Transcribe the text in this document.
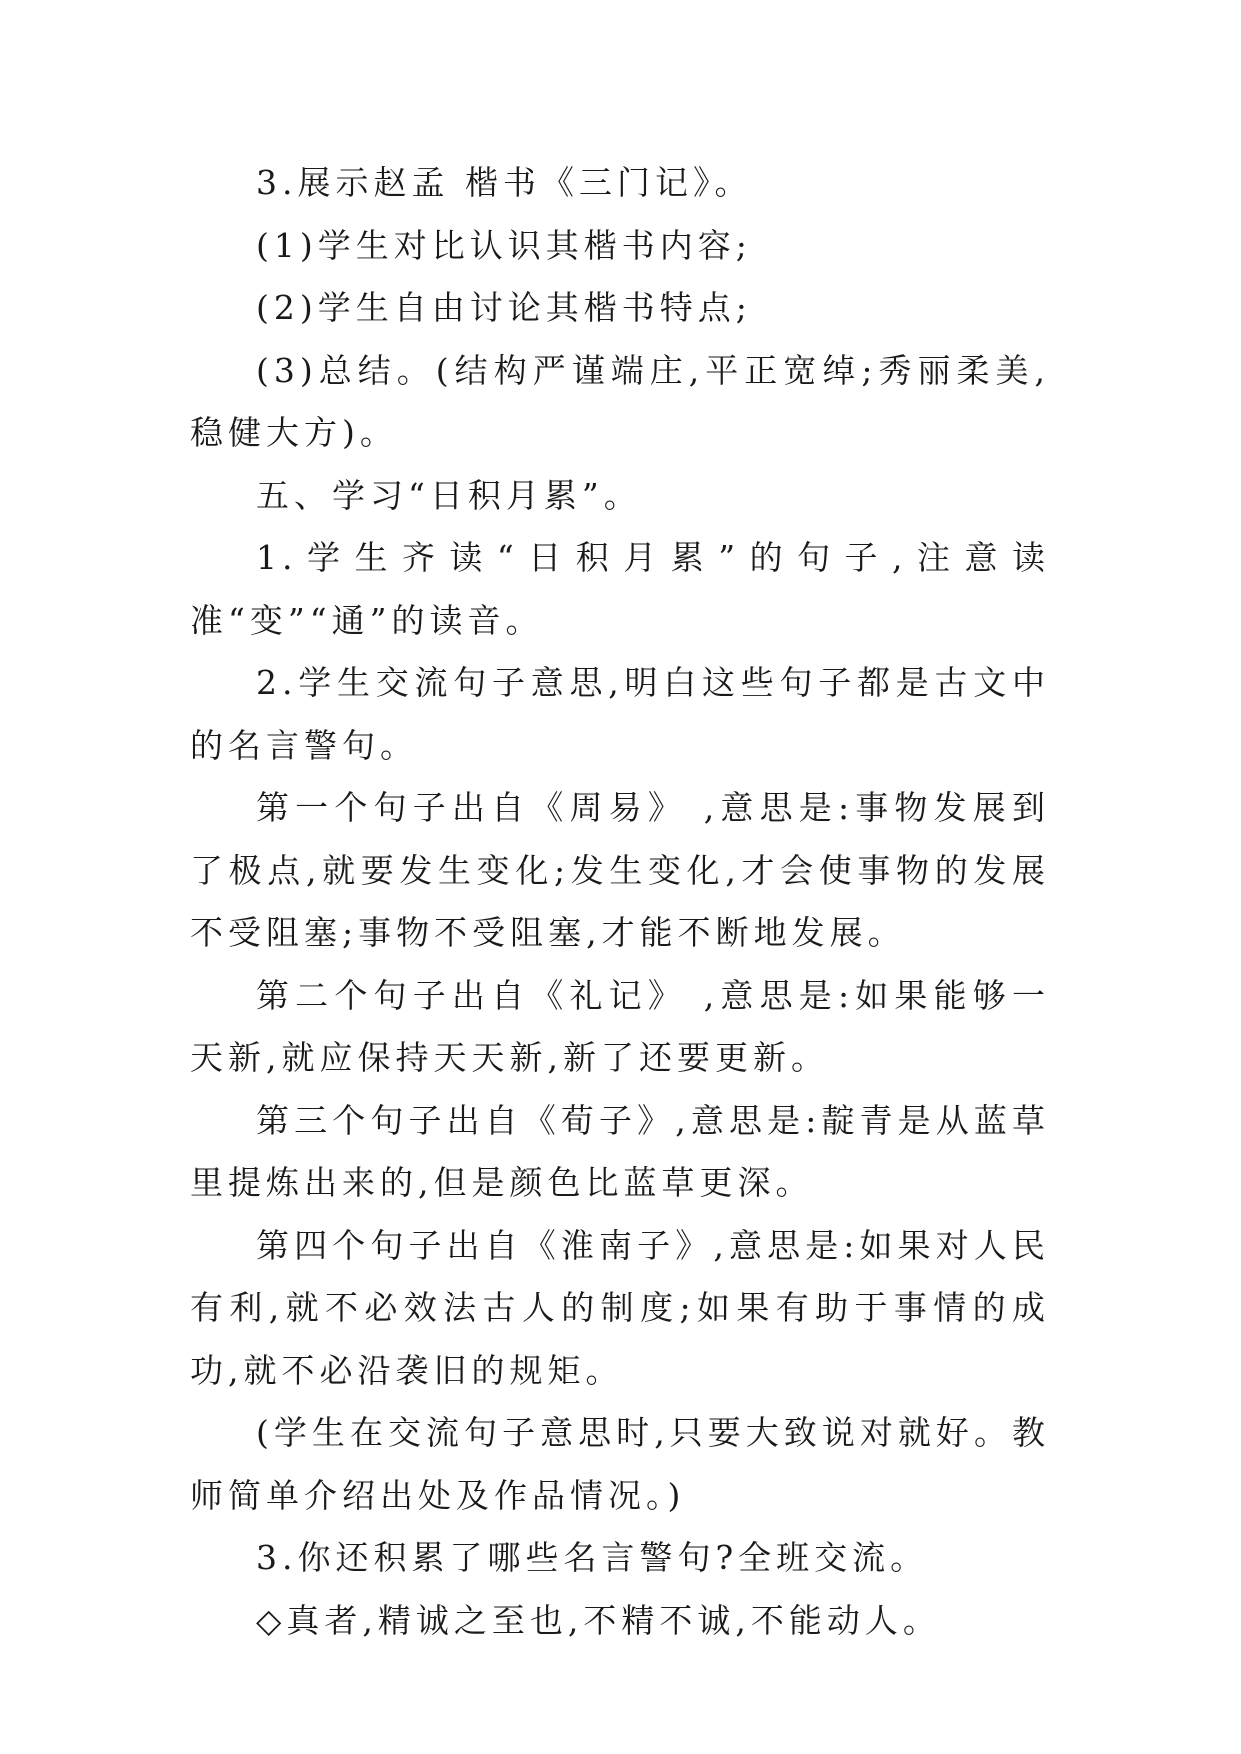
3.展示赵孟 楷书《三门记》。

(1)学生对比认识其楷书内容;

(2)学生自由讨论其楷书特点;

(3)总结。(结构严谨端庄,平正宽绰;秀丽柔美,稳健大方)。

五、学习“日积月累”。

1.学生齐读“日积月累”的句子,注意读准“变”“通”的读音。

2.学生交流句子意思,明白这些句子都是古文中的名言警句。

第一个句子出自《周易》 ,意思是:事物发展到了极点,就要发生变化;发生变化,才会使事物的发展不受阻塞;事物不受阻塞,才能不断地发展。

第二个句子出自《礼记》 ,意思是:如果能够一天新,就应保持天天新,新了还要更新。

第三个句子出自《荀子》,意思是:靛青是从蓝草里提炼出来的,但是颜色比蓝草更深。

第四个句子出自《淮南子》,意思是:如果对人民有利,就不必效法古人的制度;如果有助于事情的成功,就不必沿袭旧的规矩。

(学生在交流句子意思时,只要大致说对就好。教师简单介绍出处及作品情况。)

3.你还积累了哪些名言警句?全班交流。

◇真者,精诚之至也,不精不诚,不能动人。
